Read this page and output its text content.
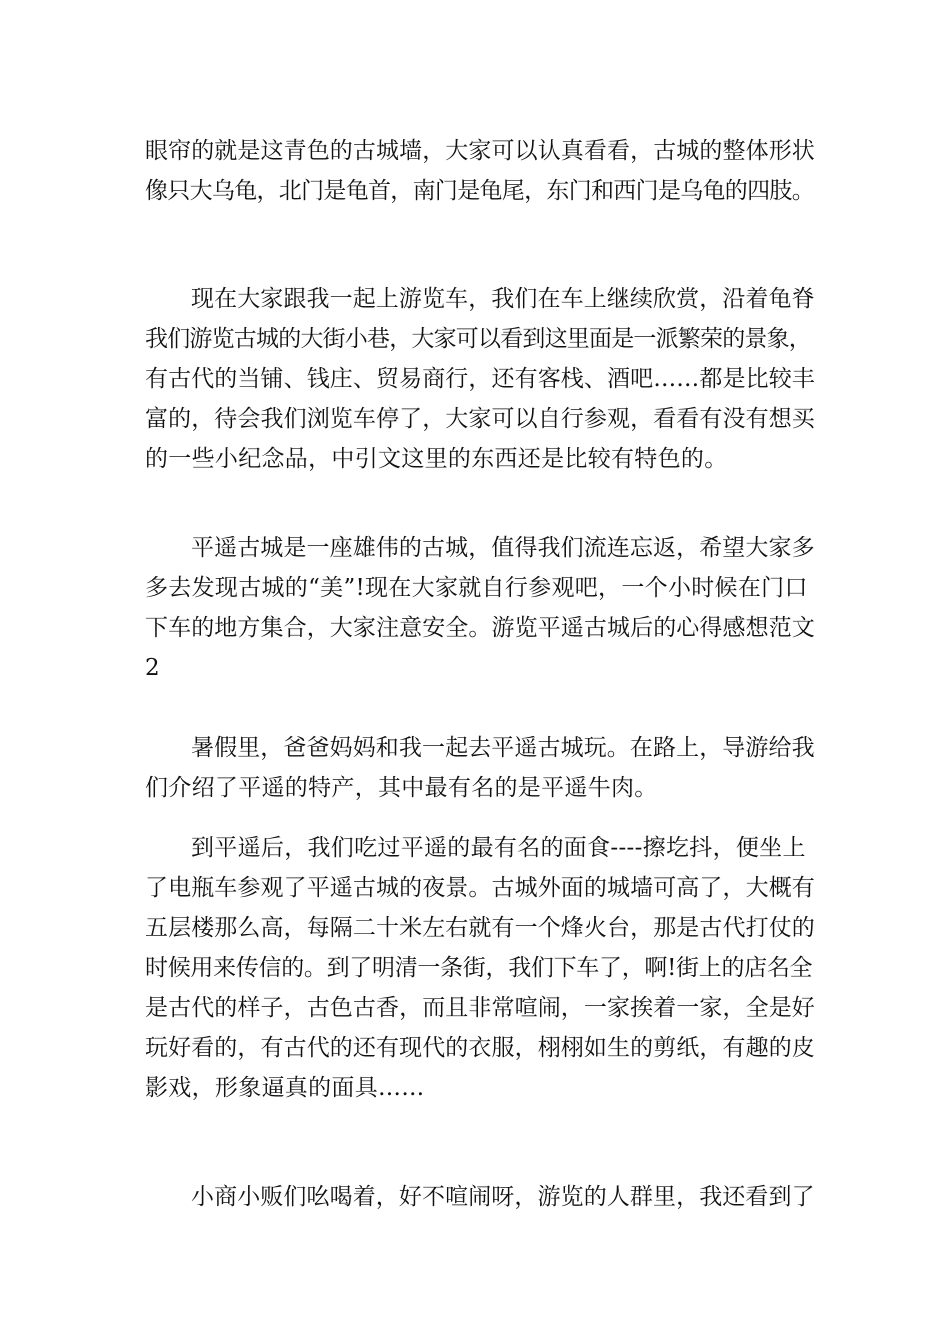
眼帘的就是这青色的古城墙，大家可以认真看看，古城的整体形状
像只大乌龟，北门是龟首，南门是龟尾，东门和西门是乌龟的四肢。
现在大家跟我一起上游览车，我们在车上继续欣赏，沿着龟脊
我们游览古城的大街小巷，大家可以看到这里面是一派繁荣的景象，
有古代的当铺、钱庄、贸易商行，还有客栈、酒吧……都是比较丰
富的，待会我们浏览车停了，大家可以自行参观，看看有没有想买
的一些小纪念品，中引文这里的东西还是比较有特色的。
平遥古城是一座雄伟的古城，值得我们流连忘返，希望大家多
多去发现古城的“美”!现在大家就自行参观吧，一个小时候在门口
下车的地方集合，大家注意安全。游览平遥古城后的心得感想范文
2
暑假里，爸爸妈妈和我一起去平遥古城玩。在路上，导游给我
们介绍了平遥的特产，其中最有名的是平遥牛肉。
到平遥后，我们吃过平遥的最有名的面食----擦圪抖，便坐上
了电瓶车参观了平遥古城的夜景。古城外面的城墙可高了，大概有
五层楼那么高，每隔二十米左右就有一个烽火台，那是古代打仗的
时候用来传信的。到了明清一条街，我们下车了，啊!街上的店名全
是古代的样子，古色古香，而且非常喧闹，一家挨着一家，全是好
玩好看的，有古代的还有现代的衣服，栩栩如生的剪纸，有趣的皮
影戏，形象逼真的面具……
小商小贩们吆喝着，好不喧闹呀，游览的人群里，我还看到了
